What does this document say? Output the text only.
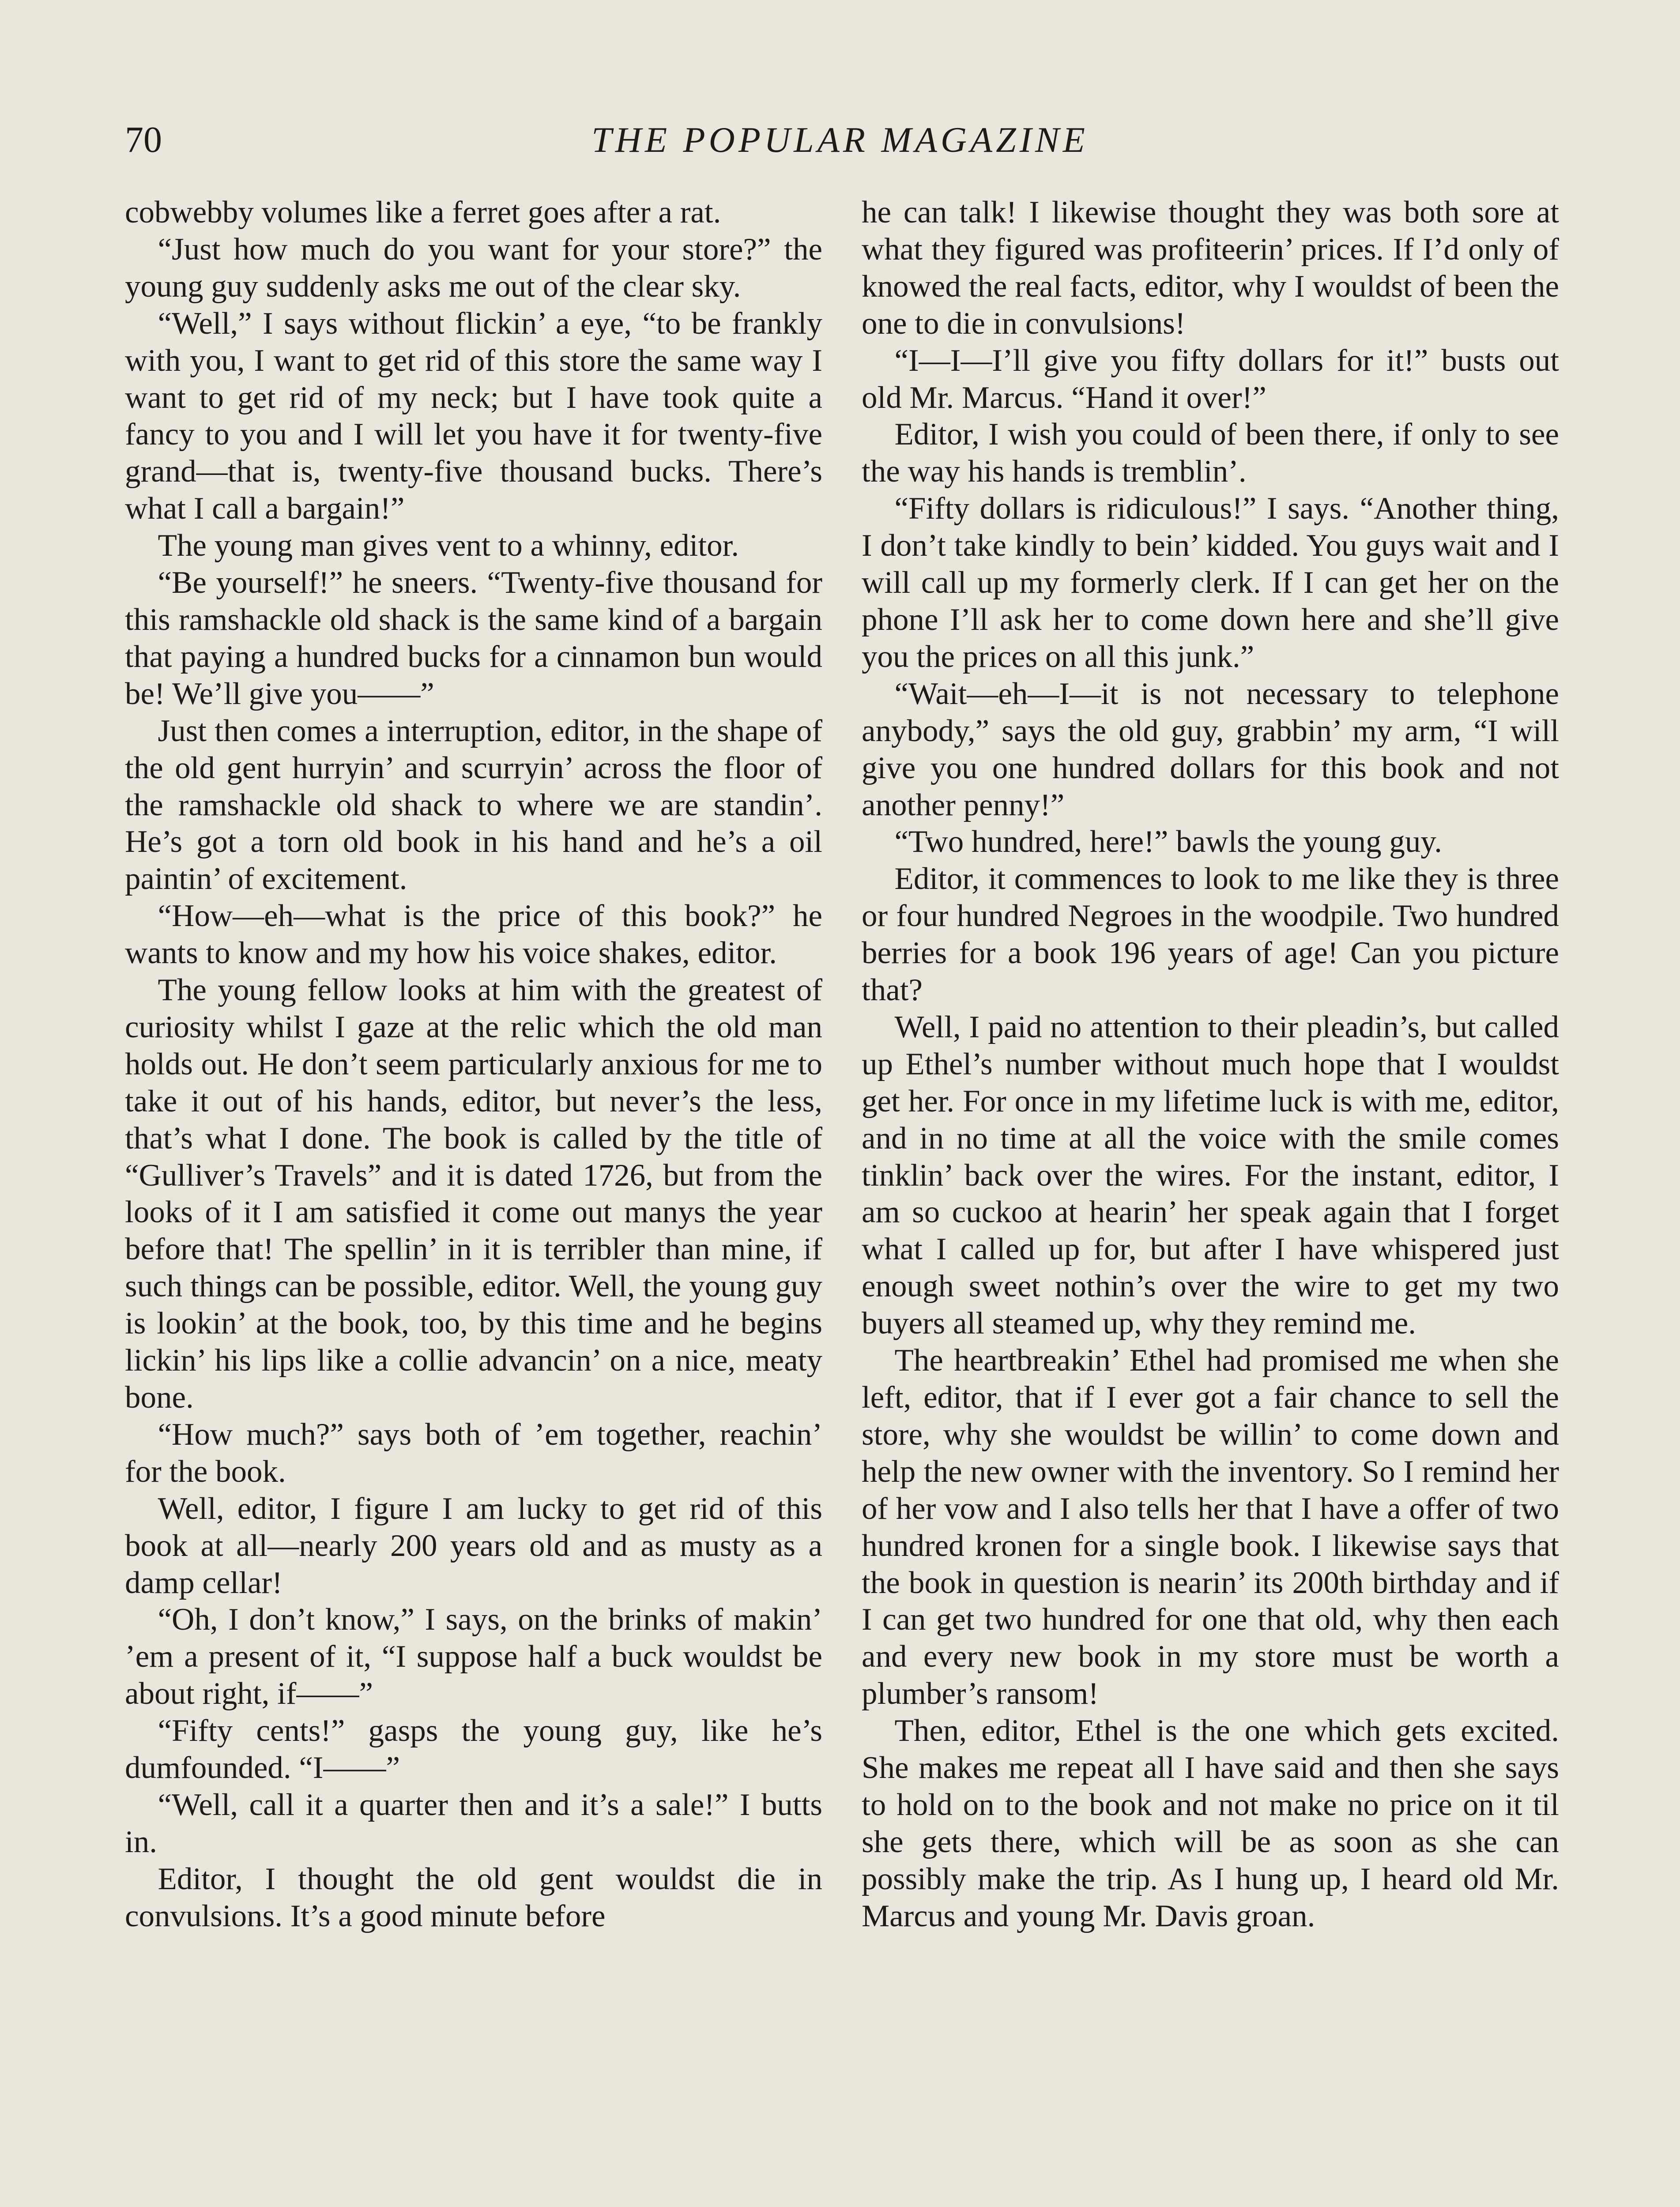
70	THE POPULAR MAGAZINE

cobwebby volumes like a ferret goes after a rat.

“Just how much do you want for your store?” the young guy suddenly asks me out of the clear sky.

“Well,” I says without flickin’ a eye, “to be frankly with you, I want to get rid of this store the same way I want to get rid of my neck; but I have took quite a fancy to you and I will let you have it for twenty-five grand—that is, twenty-five thousand bucks. There’s what I call a bargain!”

The young man gives vent to a whinny, editor.

“Be yourself!” he sneers. “Twenty-five thousand for this ramshackle old shack is the same kind of a bargain that paying a hundred bucks for a cinnamon bun would be! We’ll give you——”

Just then comes a interruption, editor, in the shape of the old gent hurryin’ and scurryin’ across the floor of the ramshackle old shack to where we are standin’. He’s got a torn old book in his hand and he’s a oil paintin’ of excitement.

“How—eh—what is the price of this book?” he wants to know and my how his voice shakes, editor.

The young fellow looks at him with the greatest of curiosity whilst I gaze at the relic which the old man holds out. He don’t seem particularly anxious for me to take it out of his hands, editor, but never’s the less, that’s what I done. The book is called by the title of “Gulliver’s Travels” and it is dated 1726, but from the looks of it I am satisfied it come out manys the year before that! The spellin’ in it is terribler than mine, if such things can be possible, editor. Well, the young guy is lookin’ at the book, too, by this time and he begins lickin’ his lips like a collie advancin’ on a nice, meaty bone.

“How much?” says both of ’em together, reachin’ for the book.

Well, editor, I figure I am lucky to get rid of this book at all—nearly 200 years old and as musty as a damp cellar!

“Oh, I don’t know,” I says, on the brinks of makin’ ’em a present of it, “I suppose half a buck wouldst be about right, if——”

“Fifty cents!” gasps the young guy, like he’s dumfounded. “I——”

“Well, call it a quarter then and it’s a sale!” I butts in.

Editor, I thought the old gent wouldst die in convulsions. It’s a good minute before

he can talk! I likewise thought they was both sore at what they figured was profiteerin’ prices. If I’d only of knowed the real facts, editor, why I wouldst of been the one to die in convulsions!

“I—I—I’ll give you fifty dollars for it!” busts out old Mr. Marcus. “Hand it over!”

Editor, I wish you could of been there, if only to see the way his hands is tremblin’.

“Fifty dollars is ridiculous!” I says. “Another thing, I don’t take kindly to bein’ kidded. You guys wait and I will call up my formerly clerk. If I can get her on the phone I’ll ask her to come down here and she’ll give you the prices on all this junk.”

“Wait—eh—I—it is not necessary to telephone anybody,” says the old guy, grabbin’ my arm, “I will give you one hundred dollars for this book and not another penny!”

“Two hundred, here!” bawls the young guy.

Editor, it commences to look to me like they is three or four hundred Negroes in the woodpile. Two hundred berries for a book 196 years of age! Can you picture that?

Well, I paid no attention to their pleadin’s, but called up Ethel’s number without much hope that I wouldst get her. For once in my lifetime luck is with me, editor, and in no time at all the voice with the smile comes tinklin’ back over the wires. For the instant, editor, I am so cuckoo at hearin’ her speak again that I forget what I called up for, but after I have whispered just enough sweet nothin’s over the wire to get my two buyers all steamed up, why they remind me.

The heartbreakin’ Ethel had promised me when she left, editor, that if I ever got a fair chance to sell the store, why she wouldst be willin’ to come down and help the new owner with the inventory. So I remind her of her vow and I also tells her that I have a offer of two hundred kronen for a single book. I likewise says that the book in question is nearin’ its 200th birthday and if I can get two hundred for one that old, why then each and every new book in my store must be worth a plumber’s ransom!

Then, editor, Ethel is the one which gets excited. She makes me repeat all I have said and then she says to hold on to the book and not make no price on it til she gets there, which will be as soon as she can possibly make the trip. As I hung up, I heard old Mr. Marcus and young Mr. Davis groan.
